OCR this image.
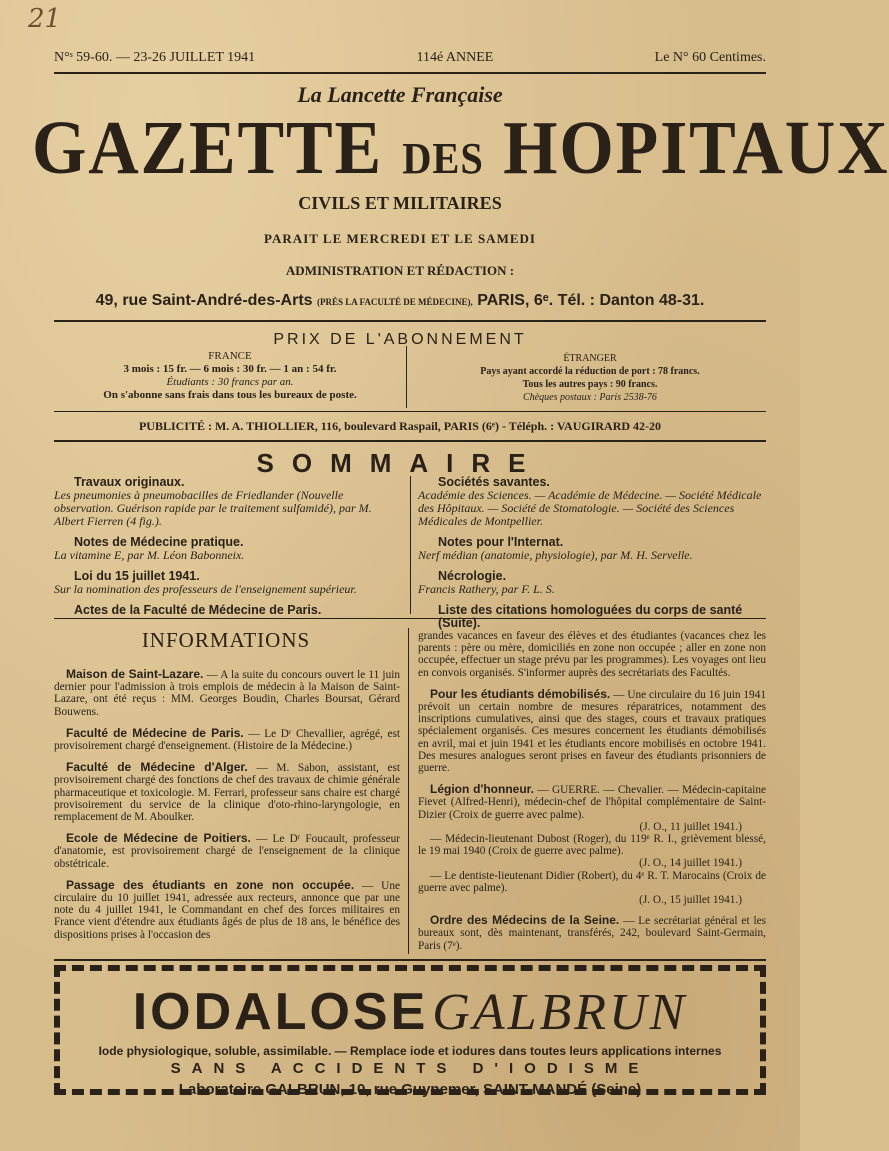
21
N°ˢ 59-60. — 23-26 JUILLET 1941	114é ANNEE	Le N° 60 Centimes.
La Lancette Française
GAZETTE DES HOPITAUX
CIVILS ET MILITAIRES
PARAIT LE MERCREDI ET LE SAMEDI
ADMINISTRATION ET RÉDACTION :
49, rue Saint-André-des-Arts (PRÈS LA FACULTÉ DE MÉDECINE), PARIS, 6ᵉ. Tél. : Danton 48-31.
PRIX DE L'ABONNEMENT
FRANCE
3 mois : 15 fr. — 6 mois : 30 fr. — 1 an : 54 fr.
Étudiants : 30 francs par an.
On s'abonne sans frais dans tous les bureaux de poste.
ÉTRANGER
Pays ayant accordé la réduction de port : 78 francs.
Tous les autres pays : 90 francs.
Chèques postaux : Paris 2538-76
PUBLICITÉ : M. A. THIOLLIER, 116, boulevard Raspail, PARIS (6ᵉ) - Téléph. : VAUGIRARD 42-20
SOMMAIRE
Travaux originaux.
Les pneumonies à pneumobacilles de Friedlander (Nouvelle observation. Guérison rapide par le traitement sulfamidé), par M. Albert Fierren (4 fig.).
Notes de Médecine pratique.
La vitamine E, par M. Léon Babonneix.
Loi du 15 juillet 1941.
Sur la nomination des professeurs de l'enseignement supérieur.
Actes de la Faculté de Médecine de Paris.
Sociétés savantes.
Académie des Sciences. — Académie de Médecine. — Société Médicale des Hôpitaux. — Société de Stomatologie. — Société des Sciences Médicales de Montpellier.
Notes pour l'Internat.
Nerf médian (anatomie, physiologie), par M. H. Servelle.
Nécrologie.
Francis Rathery, par F. L. S.
Liste des citations homologuées du corps de santé (Suite).
INFORMATIONS

Maison de Saint-Lazare. — A la suite du concours ouvert le 11 juin dernier pour l'admission à trois emplois de médecin à la Maison de Saint-Lazare, ont été reçus : MM. Georges Boudin, Charles Boursat, Gérard Bouwens.

Faculté de Médecine de Paris. — Le Dʳ Chevallier, agrégé, est provisoirement chargé d'enseignement. (Histoire de la Médecine.)

Faculté de Médecine d'Alger. — M. Sabon, assistant, est provisoirement chargé des fonctions de chef des travaux de chimie générale pharmaceutique et toxicologie. M. Ferrari, professeur sans chaire est chargé provisoirement du service de la clinique d'oto-rhino-laryngologie, en remplacement de M. Aboulker.

Ecole de Médecine de Poitiers. — Le Dʳ Foucault, professeur d'anatomie, est provisoirement chargé de l'enseignement de la clinique obstétricale.

Passage des étudiants en zone non occupée. — Une circulaire du 10 juillet 1941, adressée aux recteurs, annonce que par une note du 4 juillet 1941, le Commandant en chef des forces militaires en France vient d'étendre aux étudiants âgés de plus de 18 ans, le bénéfice des dispositions prises à l'occasion des

grandes vacances en faveur des élèves et des étudiantes (vacances chez les parents : père ou mère, domiciliés en zone non occupée ; aller en zone non occupée, effectuer un stage prévu par les programmes). Les voyages ont lieu en convois organisés. S'informer auprès des secrétariats des Facultés.

Pour les étudiants démobilisés. — Une circulaire du 16 juin 1941 prévoit un certain nombre de mesures réparatrices, notamment des inscriptions cumulatives, ainsi que des stages, cours et travaux pratiques spécialement organisés. Ces mesures concernent les étudiants démobilisés en avril, mai et juin 1941 et les étudiants encore mobilisés en octobre 1941. Des mesures analogues seront prises en faveur des étudiants prisonniers de guerre.

Légion d'honneur. — GUERRE. — Chevalier. — Médecin-capitaine Fievet (Alfred-Henri), médecin-chef de l'hôpital complémentaire de Saint-Dizier (Croix de guerre avec palme).

(J. O., 11 juillet 1941.)

— Médecin-lieutenant Dubost (Roger), du 119ᵉ R. I., grièvement blessé, le 19 mai 1940 (Croix de guerre avec palme).

(J. O., 14 juillet 1941.)

— Le dentiste-lieutenant Didier (Robert), du 4ᵉ R. T. Marocains (Croix de guerre avec palme).

(J. O., 15 juillet 1941.)

Ordre des Médecins de la Seine. — Le secrétariat général et les bureaux sont, dès maintenant, transférés, 242, boulevard Saint-Germain, Paris (7ᵉ).

IODALOSE GALBRUN
Iode physiologique, soluble, assimilable. — Remplace iode et iodures dans toutes leurs applications internes
SANS ACCIDENTS D'IODISME
Laboratoire GALBRUN, 10, rue Guynemer, SAINT-MANDÉ (Seine)
